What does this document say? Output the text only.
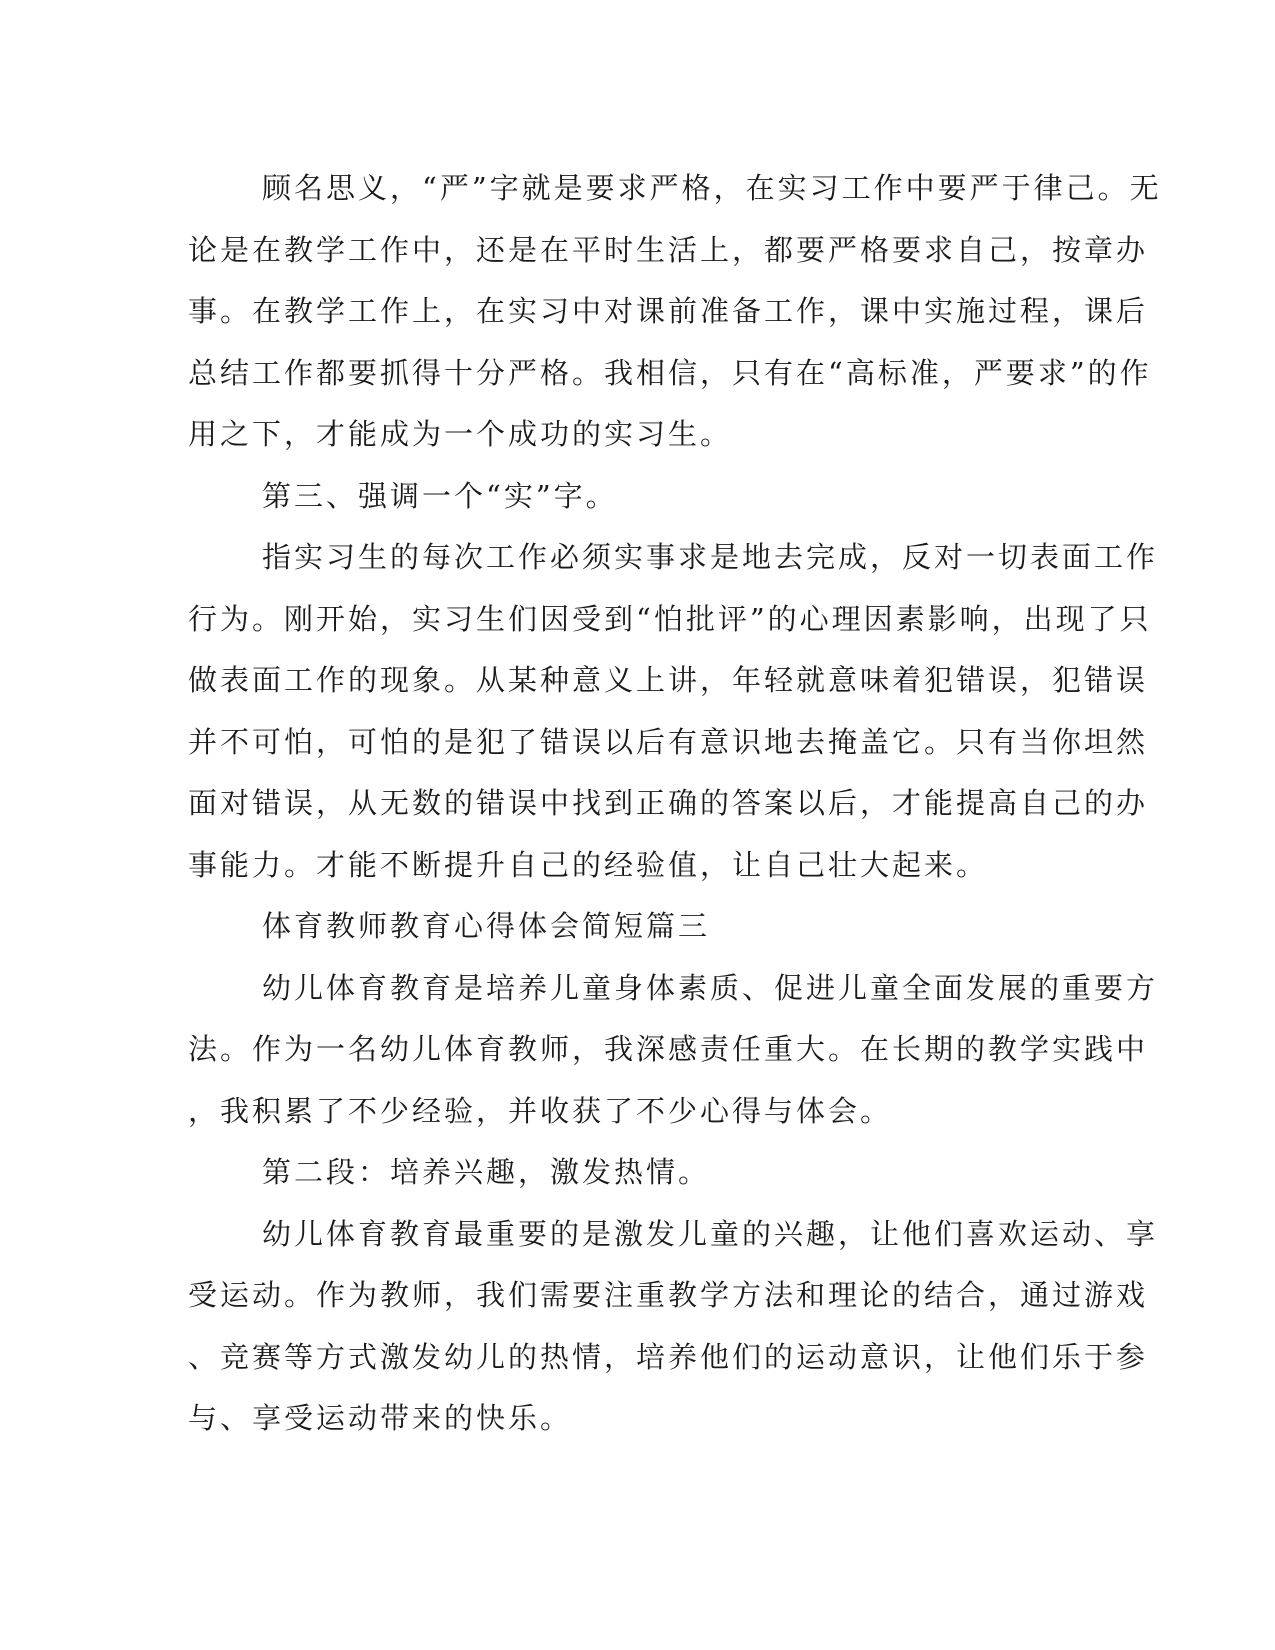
顾名思义，“严”字就是要求严格，在实习工作中要严于律己。无
论是在教学工作中，还是在平时生活上，都要严格要求自己，按章办
事。在教学工作上，在实习中对课前准备工作，课中实施过程，课后
总结工作都要抓得十分严格。我相信，只有在“高标准，严要求”的作
用之下，才能成为一个成功的实习生。
第三、强调一个“实”字。
指实习生的每次工作必须实事求是地去完成，反对一切表面工作
行为。刚开始，实习生们因受到“怕批评”的心理因素影响，出现了只
做表面工作的现象。从某种意义上讲，年轻就意味着犯错误，犯错误
并不可怕，可怕的是犯了错误以后有意识地去掩盖它。只有当你坦然
面对错误，从无数的错误中找到正确的答案以后，才能提高自己的办
事能力。才能不断提升自己的经验值，让自己壮大起来。
体育教师教育心得体会简短篇三
幼儿体育教育是培养儿童身体素质、促进儿童全面发展的重要方
法。作为一名幼儿体育教师，我深感责任重大。在长期的教学实践中
，我积累了不少经验，并收获了不少心得与体会。
第二段：培养兴趣，激发热情。
幼儿体育教育最重要的是激发儿童的兴趣，让他们喜欢运动、享
受运动。作为教师，我们需要注重教学方法和理论的结合，通过游戏
、竞赛等方式激发幼儿的热情，培养他们的运动意识，让他们乐于参
与、享受运动带来的快乐。
